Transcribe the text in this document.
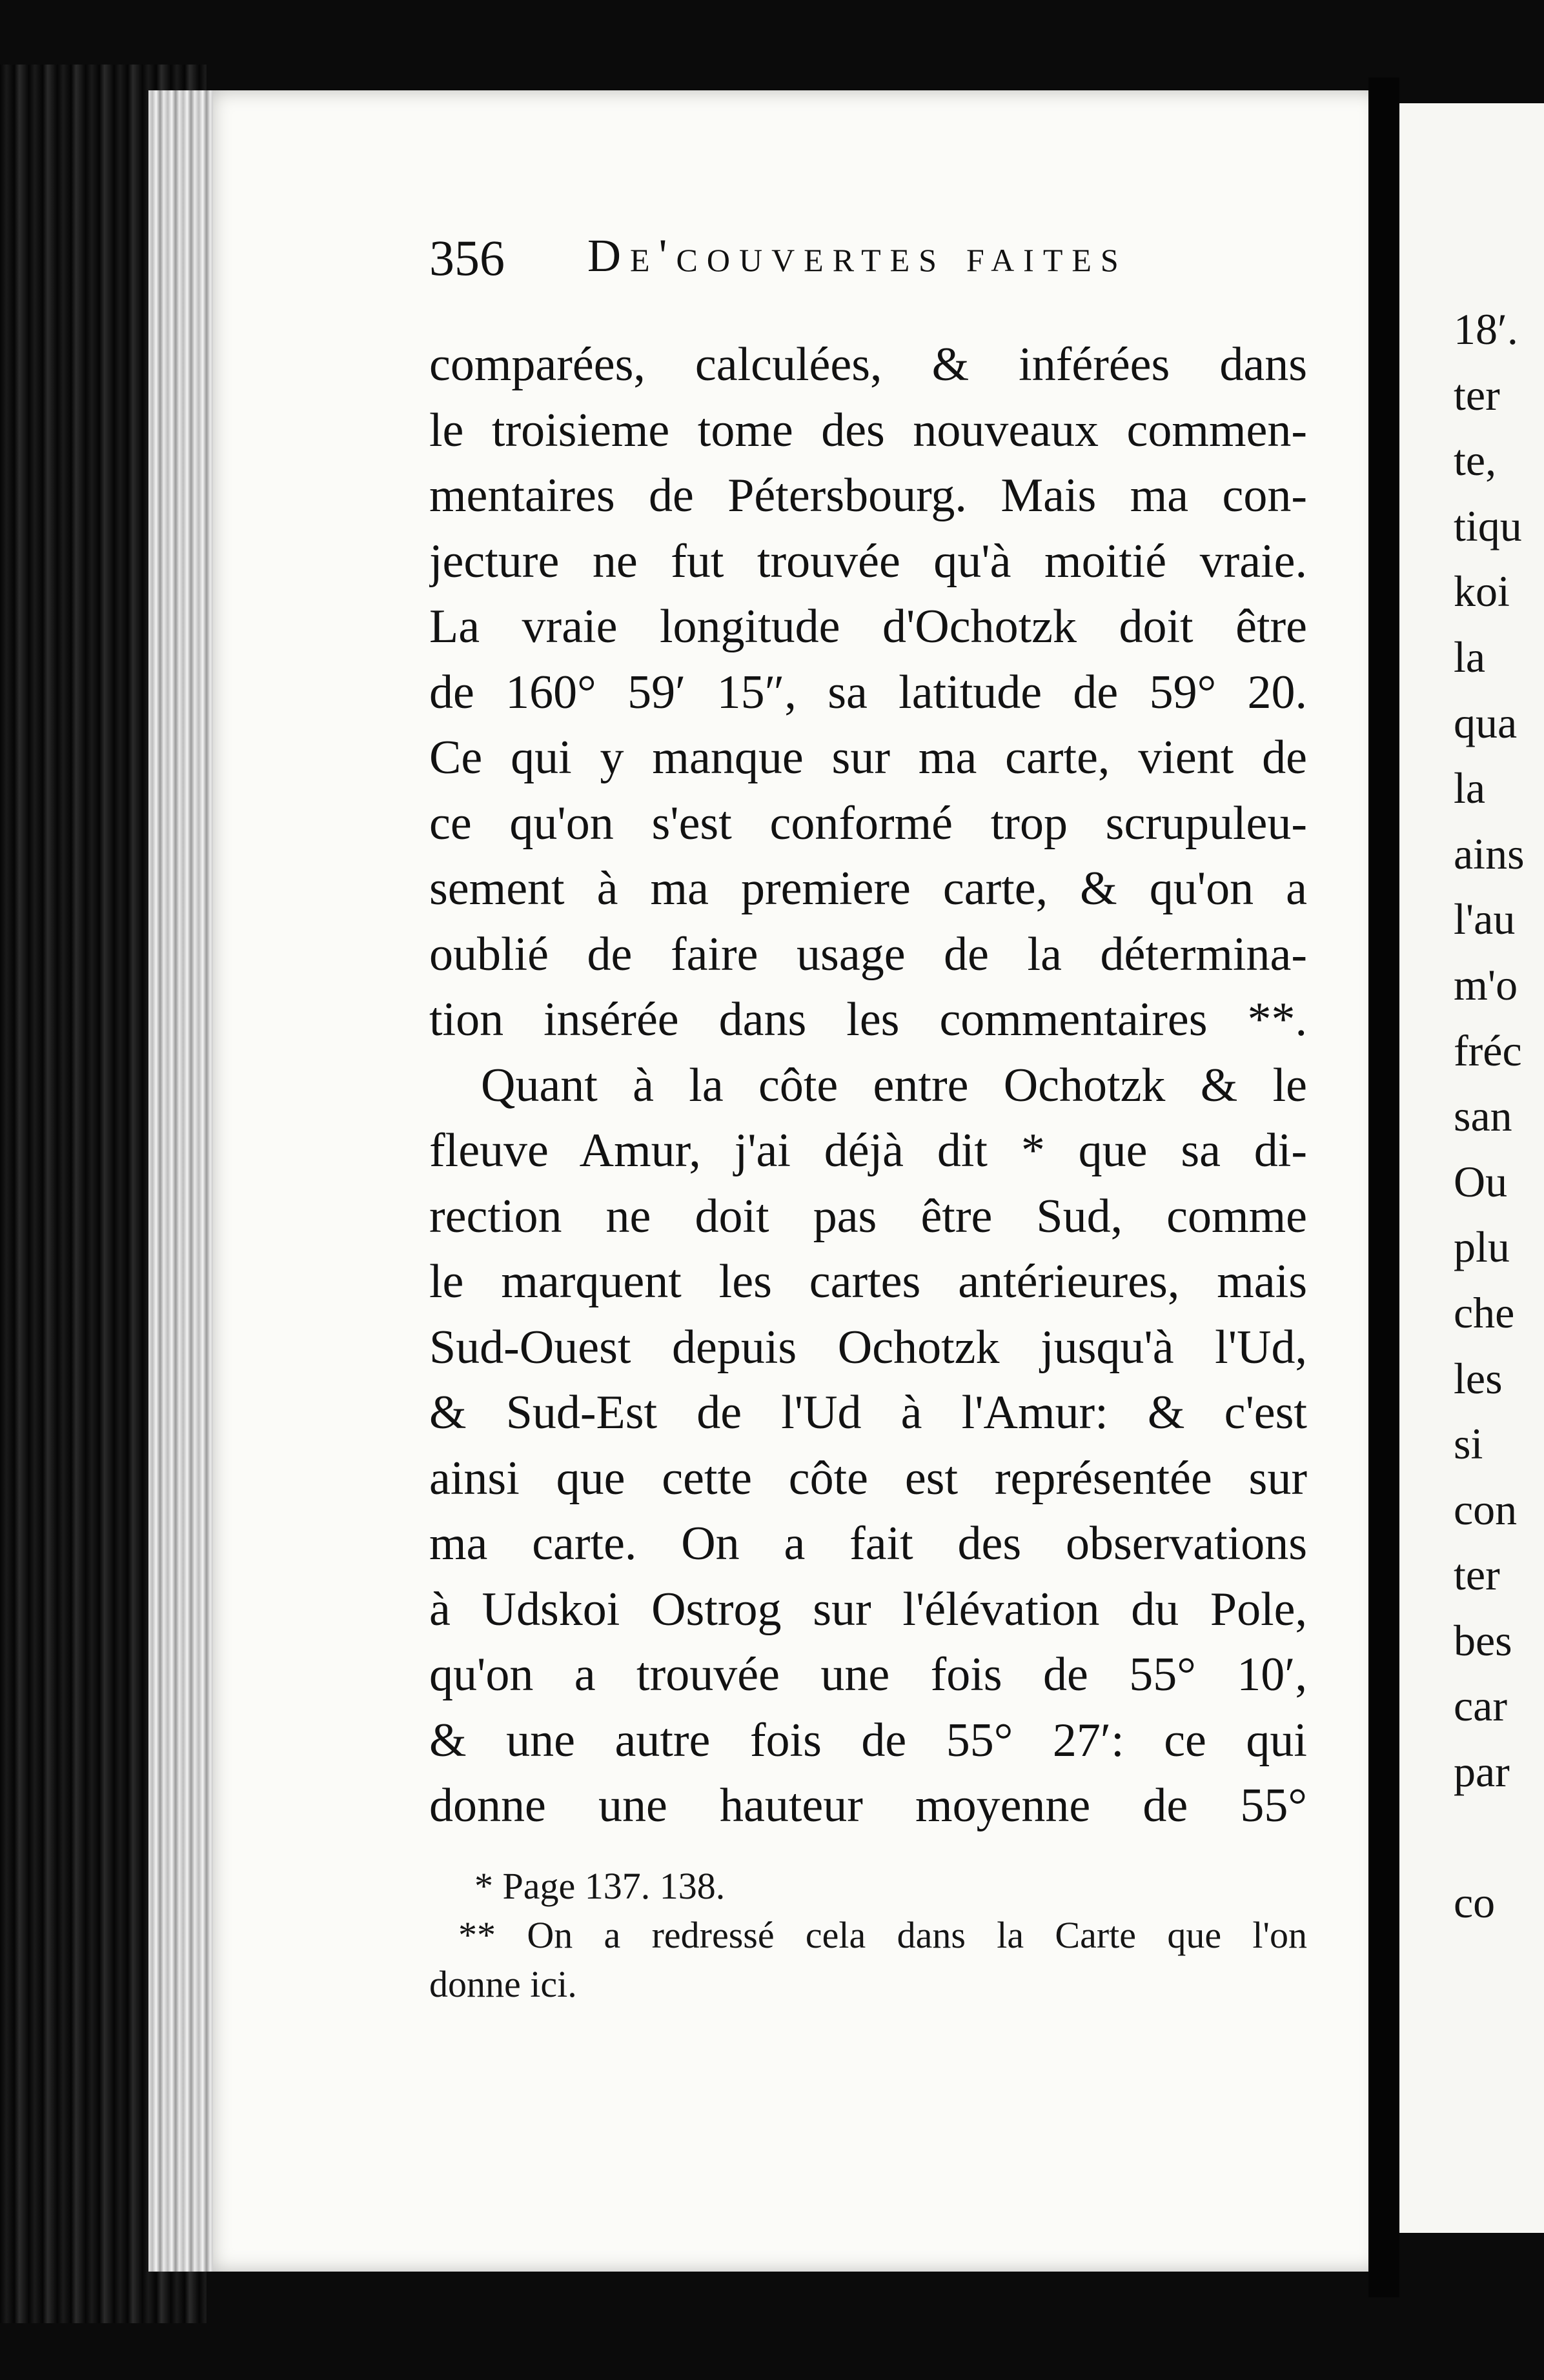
356 De'couvertes faites
comparées, calculées, & inférées dans
le troisieme tome des nouveaux commen-
mentaires de Pétersbourg. Mais ma con-
jecture ne fut trouvée qu'à moitié vraie.
La vraie longitude d'Ochotzk doit être
de 160° 59′ 15″, sa latitude de 59° 20.
Ce qui y manque sur ma carte, vient de
ce qu'on s'est conformé trop scrupuleu-
sement à ma premiere carte, & qu'on a
oublié de faire usage de la détermina-
tion insérée dans les commentaires **.
Quant à la côte entre Ochotzk & le
fleuve Amur, j'ai déjà dit * que sa di-
rection ne doit pas être Sud, comme
le marquent les cartes antérieures, mais
Sud-Ouest depuis Ochotzk jusqu'à l'Ud,
& Sud-Est de l'Ud à l'Amur: & c'est
ainsi que cette côte est représentée sur
ma carte. On a fait des observations
à Udskoi Ostrog sur l'élévation du Pole,
qu'on a trouvée une fois de 55° 10′,
& une autre fois de 55° 27′: ce qui
donne une hauteur moyenne de 55°
* Page 137. 138.
** On a redressé cela dans la Carte que l'on
donne ici.
18′.
ter
te,
tiqu
koi
la
qua
la
ains
l'au
m'o
fréc
san
Ou
plu
che
les
si
con
ter
bes
car
par
co
